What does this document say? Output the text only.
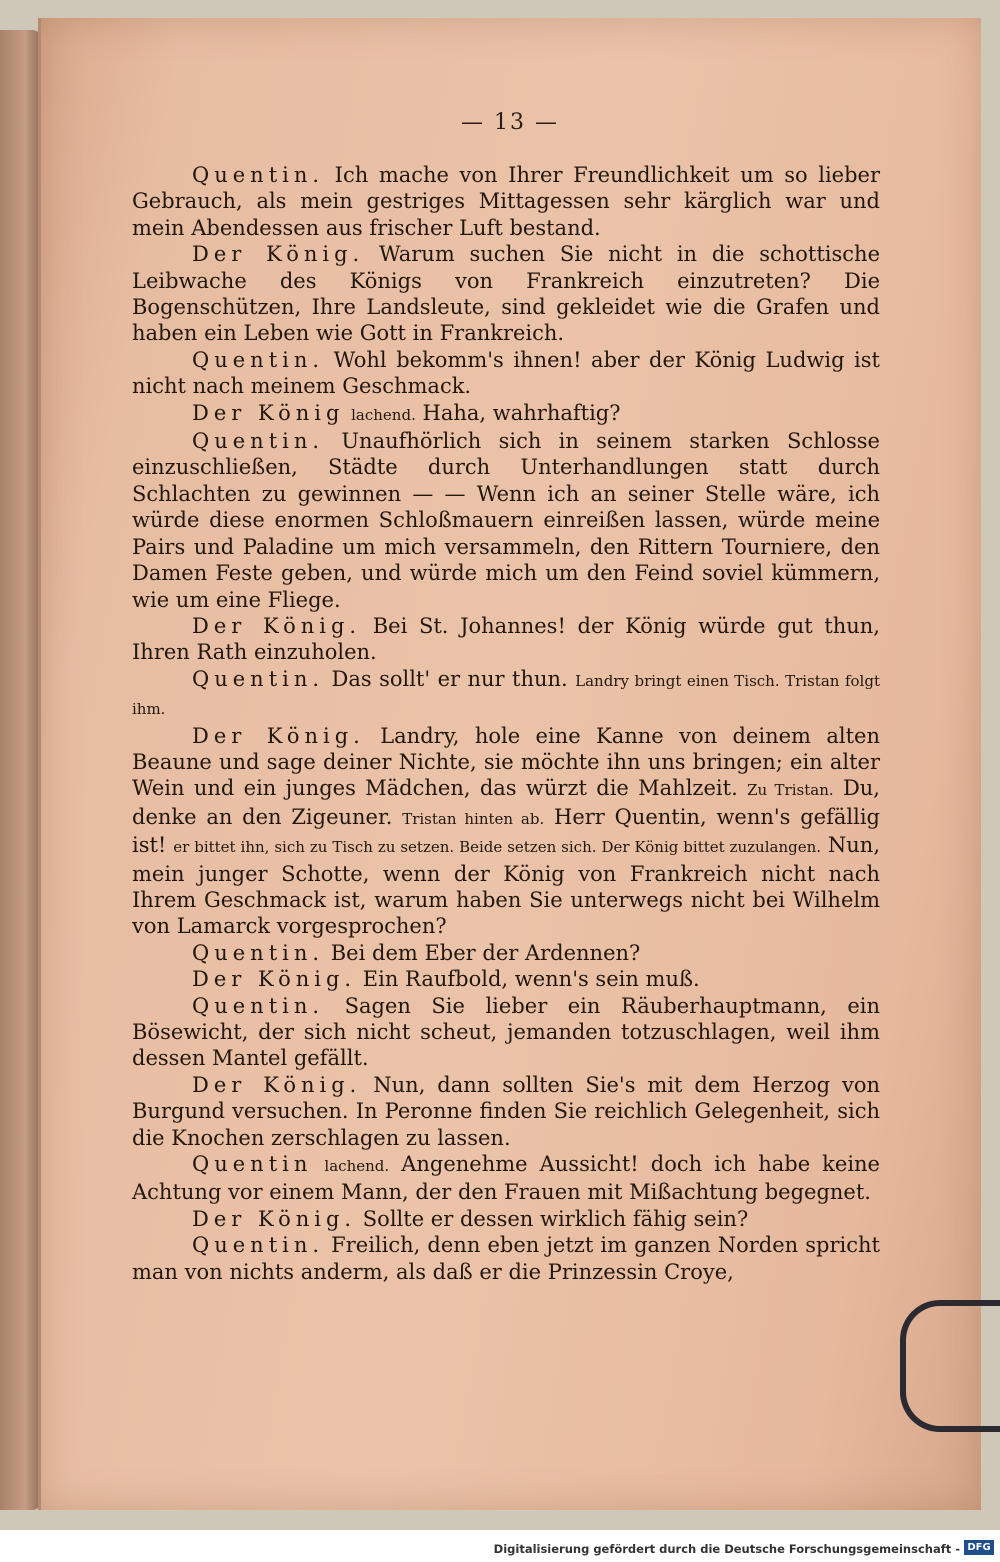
— 13 —

Quentin. Ich mache von Ihrer Freundlichkeit um so lieber Gebrauch, als mein gestriges Mittagessen sehr kärglich war und mein Abendessen aus frischer Luft bestand.

Der König. Warum suchen Sie nicht in die schottische Leibwache des Königs von Frankreich einzutreten? Die Bogenschützen, Ihre Landsleute, sind gekleidet wie die Grafen und haben ein Leben wie Gott in Frankreich.

Quentin. Wohl bekomm's ihnen! aber der König Ludwig ist nicht nach meinem Geschmack.

Der König lachend. Haha, wahrhaftig?

Quentin. Unaufhörlich sich in seinem starken Schlosse einzuschließen, Städte durch Unterhandlungen statt durch Schlachten zu gewinnen — — Wenn ich an seiner Stelle wäre, ich würde diese enormen Schloßmauern einreißen lassen, würde meine Pairs und Paladine um mich versammeln, den Rittern Tourniere, den Damen Feste geben, und würde mich um den Feind soviel kümmern, wie um eine Fliege.

Der König. Bei St. Johannes! der König würde gut thun, Ihren Rath einzuholen.

Quentin. Das sollt' er nur thun. Landry bringt einen Tisch. Tristan folgt ihm.

Der König. Landry, hole eine Kanne von deinem alten Beaune und sage deiner Nichte, sie möchte ihn uns bringen; ein alter Wein und ein junges Mädchen, das würzt die Mahlzeit. Zu Tristan. Du, denke an den Zigeuner. Tristan hinten ab. Herr Quentin, wenn's gefällig ist! er bittet ihn, sich zu Tisch zu setzen. Beide setzen sich. Der König bittet zuzulangen. Nun, mein junger Schotte, wenn der König von Frankreich nicht nach Ihrem Geschmack ist, warum haben Sie unterwegs nicht bei Wilhelm von Lamarck vorgesprochen?

Quentin. Bei dem Eber der Ardennen?

Der König. Ein Raufbold, wenn's sein muß.

Quentin. Sagen Sie lieber ein Räuberhauptmann, ein Bösewicht, der sich nicht scheut, jemanden totzuschlagen, weil ihm dessen Mantel gefällt.

Der König. Nun, dann sollten Sie's mit dem Herzog von Burgund versuchen. In Peronne finden Sie reichlich Gelegenheit, sich die Knochen zerschlagen zu lassen.

Quentin lachend. Angenehme Aussicht! doch ich habe keine Achtung vor einem Mann, der den Frauen mit Mißachtung begegnet.

Der König. Sollte er dessen wirklich fähig sein?

Quentin. Freilich, denn eben jetzt im ganzen Norden spricht man von nichts anderm, als daß er die Prinzessin Croye,

Digitalisierung gefördert durch die Deutsche Forschungsgemeinschaft - DFG
